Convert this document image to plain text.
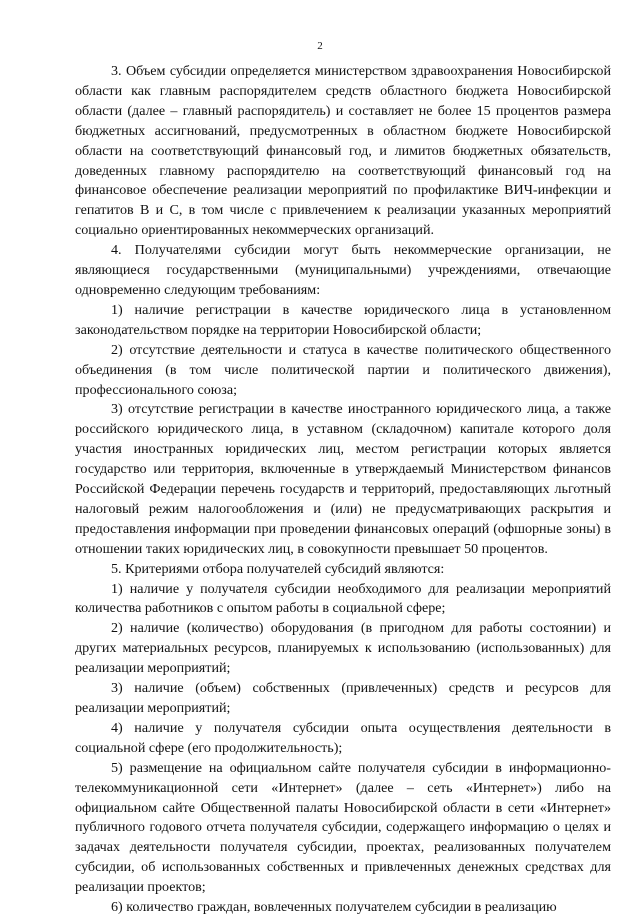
2

3. Объем субсидии определяется министерством здравоохранения Новосибирской области как главным распорядителем средств областного бюджета Новосибирской области (далее – главный распорядитель) и составляет не более 15 процентов размера бюджетных ассигнований, предусмотренных в областном бюджете Новосибирской области на соответствующий финансовый год, и лимитов бюджетных обязательств, доведенных главному распорядителю на соответствующий финансовый год на финансовое обеспечение реализации мероприятий по профилактике ВИЧ-инфекции и гепатитов В и С, в том числе с привлечением к реализации указанных мероприятий социально ориентированных некоммерческих организаций.

4. Получателями субсидии могут быть некоммерческие организации, не являющиеся государственными (муниципальными) учреждениями, отвечающие одновременно следующим требованиям:

1) наличие регистрации в качестве юридического лица в установленном законодательством порядке на территории Новосибирской области;

2) отсутствие деятельности и статуса в качестве политического общественного объединения (в том числе политической партии и политического движения), профессионального союза;

3) отсутствие регистрации в качестве иностранного юридического лица, а также российского юридического лица, в уставном (складочном) капитале которого доля участия иностранных юридических лиц, местом регистрации которых является государство или территория, включенные в утверждаемый Министерством финансов Российской Федерации перечень государств и территорий, предоставляющих льготный налоговый режим налогообложения и (или) не предусматривающих раскрытия и предоставления информации при проведении финансовых операций (офшорные зоны) в отношении таких юридических лиц, в совокупности превышает 50 процентов.

5. Критериями отбора получателей субсидий являются:

1) наличие у получателя субсидии необходимого для реализации мероприятий количества работников с опытом работы в социальной сфере;

2) наличие (количество) оборудования (в пригодном для работы состоянии) и других материальных ресурсов, планируемых к использованию (использованных) для реализации мероприятий;

3) наличие (объем) собственных (привлеченных) средств и ресурсов для реализации мероприятий;

4) наличие у получателя субсидии опыта осуществления деятельности в социальной сфере (его продолжительность);

5) размещение на официальном сайте получателя субсидии в информационно-телекоммуникационной сети «Интернет» (далее – сеть «Интернет») либо на официальном сайте Общественной палаты Новосибирской области в сети «Интернет» публичного годового отчета получателя субсидии, содержащего информацию о целях и задачах деятельности получателя субсидии, проектах, реализованных получателем субсидии, об использованных собственных и привлеченных денежных средствах для реализации проектов;

6) количество граждан, вовлеченных получателем субсидии в реализацию
